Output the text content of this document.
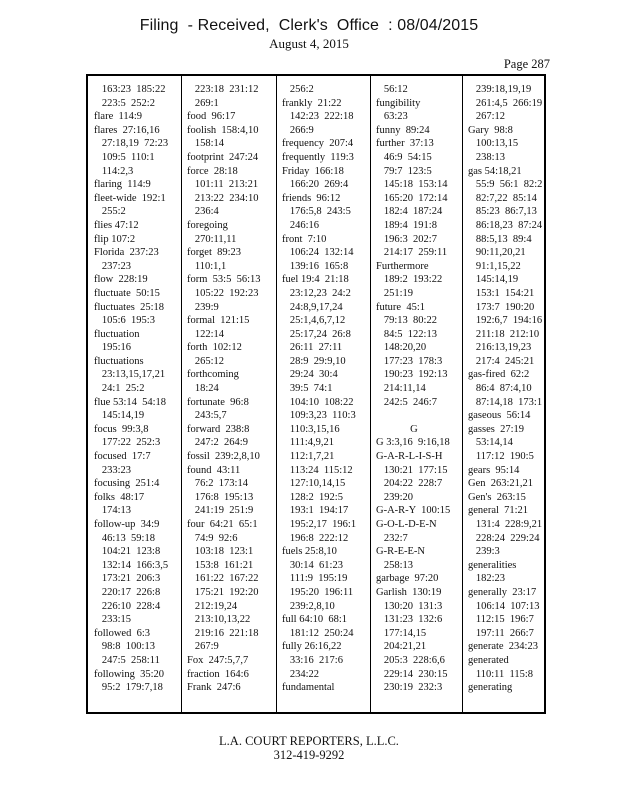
Filing  - Received,  Clerk's  Office  : 08/04/2015
August 4, 2015
Page 287
163:23  185:22
223:5  252:2
flare  114:9
flares  27:16,16
27:18,19  72:23
109:5  110:1
114:2,3
flaring  114:9
fleet-wide  192:1
255:2
flies 47:12
flip 107:2
Florida  237:23
237:23
flow  228:19
fluctuate  50:15
fluctuates  25:18
105:6  195:3
fluctuation
195:16
fluctuations
23:13,15,17,21
24:1  25:2
flue 53:14  54:18
145:14,19
focus  99:3,8
177:22  252:3
focused  17:7
233:23
focusing  251:4
folks  48:17
174:13
follow-up  34:9
46:13  59:18
104:21  123:8
132:14  166:3,5
173:21  206:3
220:17  226:8
226:10  228:4
233:15
followed  6:3
98:8  100:13
247:5  258:11
following  35:20
95:2  179:7,18
223:18  231:12
269:1
food  96:17
foolish  158:4,10
158:14
footprint  247:24
force  28:18
101:11  213:21
213:22  234:10
236:4
foregoing
270:11,11
forget  89:23
110:1,1
form  53:5  56:13
105:22  192:23
239:9
formal  121:15
122:14
forth  102:12
265:12
forthcoming
18:24
fortunate  96:8
243:5,7
forward  238:8
247:2  264:9
fossil  239:2,8,10
found  43:11
76:2  173:14
176:8  195:13
241:19  251:9
four  64:21  65:1
74:9  92:6
103:18  123:1
153:8  161:21
161:22  167:22
175:21  192:20
212:19,24
213:10,13,22
219:16  221:18
267:9
Fox  247:5,7,7
fraction  164:6
Frank  247:6
256:2
frankly  21:22
142:23  222:18
266:9
frequency  207:4
frequently  119:3
Friday  166:18
166:20  269:4
friends  96:12
176:5,8  243:5
246:16
front  7:10
106:24  132:14
139:16  165:8
fuel 19:4  21:18
23:12,23  24:2
24:8,9,17,24
25:1,4,6,7,12
25:17,24  26:8
26:11  27:11
28:9  29:9,10
29:24  30:4
39:5  74:1
104:10  108:22
109:3,23  110:3
110:3,15,16
111:4,9,21
112:1,7,21
113:24  115:12
127:10,14,15
128:2  192:5
193:1  194:17
195:2,17  196:1
196:8  222:12
fuels 25:8,10
30:14  61:23
111:9  195:19
195:20  196:11
239:2,8,10
full 64:10  68:1
181:12  250:24
fully 26:16,22
33:16  217:6
234:22
fundamental
56:12
fungibility
63:23
funny  89:24
further  37:13
46:9  54:15
79:7  123:5
145:18  153:14
165:20  172:14
182:4  187:24
189:4  191:8
196:3  202:7
214:17  259:11
Furthermore
189:2  193:22
251:19
future  45:1
79:13  80:22
84:5  122:13
148:20,20
177:23  178:3
190:23  192:13
214:11,14
242:5  246:7
G
G 3:3,16  9:16,18
G-A-R-L-I-S-H
130:21  177:15
204:22  228:7
239:20
G-A-R-Y  100:15
G-O-L-D-E-N
232:7
G-R-E-E-N
258:13
garbage  97:20
Garlish  130:19
130:20  131:3
131:23  132:6
177:14,15
204:21,21
205:3  228:6,6
229:14  230:15
230:19  232:3
239:18,19,19
261:4,5  266:19
267:12
Gary  98:8
100:13,15
238:13
gas 54:18,21
55:9  56:1  82:2
82:7,22  85:14
85:23  86:7,13
86:18,23  87:24
88:5,13  89:4
90:11,20,21
91:1,15,22
145:14,19
153:1  154:21
173:7  190:20
192:6,7  194:16
211:18  212:10
216:13,19,23
217:4  245:21
gas-fired  62:2
86:4  87:4,10
87:14,18  173:1
gaseous  56:14
gasses  27:19
53:14,14
117:12  190:5
gears  95:14
Gen  263:21,21
Gen's  263:15
general  71:21
131:4  228:9,21
228:24  229:24
239:3
generalities
182:23
generally  23:17
106:14  107:13
112:15  196:7
197:11  266:7
generate  234:23
generated
110:11  115:8
generating
L.A. COURT REPORTERS, L.L.C.
312-419-9292
